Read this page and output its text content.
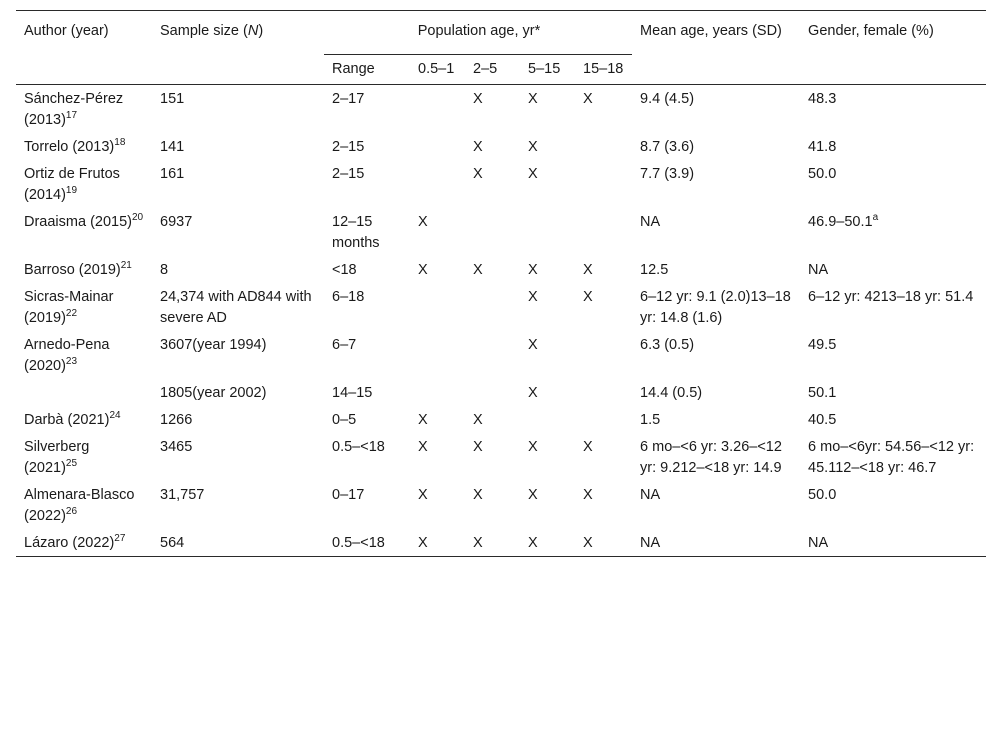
Author (year)	Sample size (N)	Population age, yr*					Mean age, years (SD)	Gender, female (%)
		Range	0.5–1	2–5	5–15	15–18		
Sánchez-Pérez $(2013)^{17}$	151	2–17		X	X	X	9.4 (4.5)	48.3
Torrelo $(2013)^{18}$	141	2–15		X	X		8.7 (3.6)	41.8
Ortiz de Frutos $(2014)^{19}$	161	2–15		X	X		7.7 (3.9)	50.0
Draaisma $(2015)^{20}$	6937	12–15 months	X				NA	46.9–50.1$^a$
Barroso $(2019)^{21}$	8	<18	X	X	X	X	12.5	NA
Sicras-Mainar $(2019)^{22}$	24,374 with AD844 with severe AD	6–18			X	X	6–12 yr: 9.1 (2.0)13–18 yr: 14.8 (1.6)	6–12 yr: 4213–18 yr: 51.4
Arnedo-Pena $(2020)^{23}$	3607(year 1994)	6–7			X		6.3 (0.5)	49.5
	1805(year 2002)	14–15			X		14.4 (0.5)	50.1
Darbà $(2021)^{24}$	1266	0–5	X	X			1.5	40.5
Silverberg $(2021)^{25}$	3465	0.5–<18	X	X	X	X	6 mo–<6 yr: 3.26–<12 yr: 9.212–<18 yr: 14.9	6 mo–<6yr: 54.56–<12 yr: 45.112–<18 yr: 46.7
Almenara-Blasco $(2022)^{26}$	31,757	0–17	X	X	X	X	NA	50.0
Lázaro $(2022)^{27}$	564	0.5–<18	X	X	X	X	NA	NA
